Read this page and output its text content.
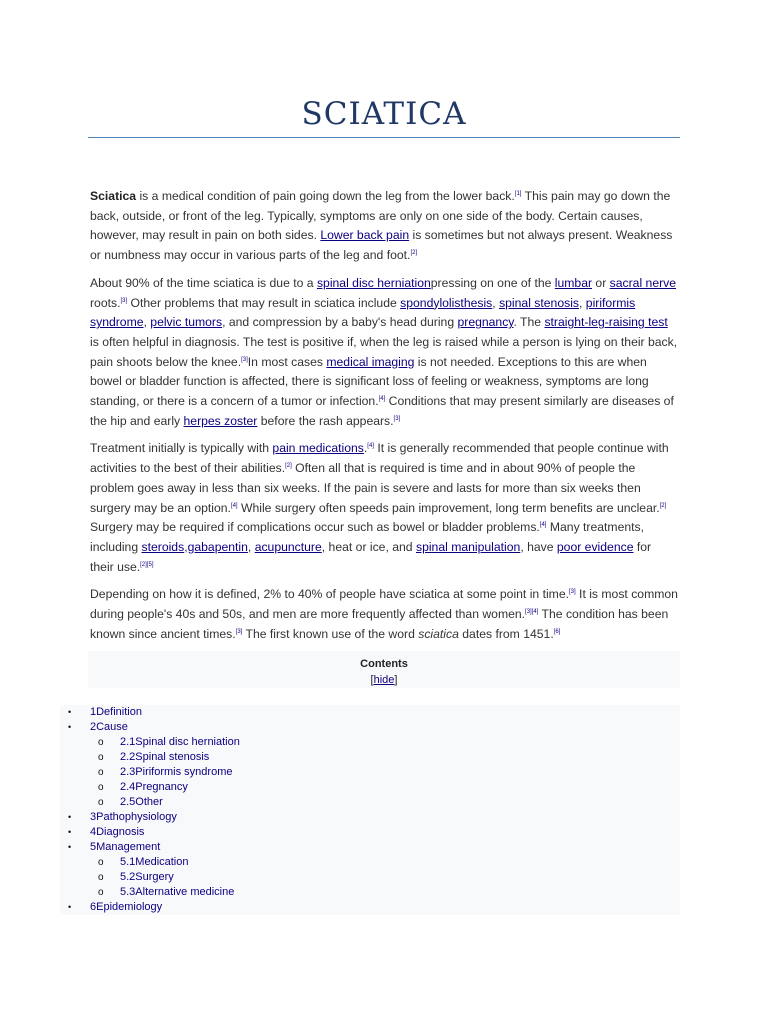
SCIATICA

Sciatica is a medical condition of pain going down the leg from the lower back.[1] This pain may go down the back, outside, or front of the leg. Typically, symptoms are only on one side of the body. Certain causes, however, may result in pain on both sides. Lower back pain is sometimes but not always present. Weakness or numbness may occur in various parts of the leg and foot.[2]

About 90% of the time sciatica is due to a spinal disc herniationpressing on one of the lumbar or sacral nerve roots.[3] Other problems that may result in sciatica include spondylolisthesis, spinal stenosis, piriformis syndrome, pelvic tumors, and compression by a baby's head during pregnancy. The straight-leg-raising test is often helpful in diagnosis. The test is positive if, when the leg is raised while a person is lying on their back, pain shoots below the knee.[3]In most cases medical imaging is not needed. Exceptions to this are when bowel or bladder function is affected, there is significant loss of feeling or weakness, symptoms are long standing, or there is a concern of a tumor or infection.[4] Conditions that may present similarly are diseases of the hip and early herpes zoster before the rash appears.[3]

Treatment initially is typically with pain medications.[4] It is generally recommended that people continue with activities to the best of their abilities.[2] Often all that is required is time and in about 90% of people the problem goes away in less than six weeks. If the pain is severe and lasts for more than six weeks then surgery may be an option.[4] While surgery often speeds pain improvement, long term benefits are unclear.[2] Surgery may be required if complications occur such as bowel or bladder problems.[4] Many treatments, including steroids,gabapentin, acupuncture, heat or ice, and spinal manipulation, have poor evidence for their use.[2][5]

Depending on how it is defined, 2% to 40% of people have sciatica at some point in time.[3] It is most common during people's 40s and 50s, and men are more frequently affected than women.[3][4] The condition has been known since ancient times.[3] The first known use of the word sciatica dates from 1451.[6]

Contents
[hide]
• 1Definition
• 2Cause
o 2.1Spinal disc herniation
o 2.2Spinal stenosis
o 2.3Piriformis syndrome
o 2.4Pregnancy
o 2.5Other
• 3Pathophysiology
• 4Diagnosis
• 5Management
o 5.1Medication
o 5.2Surgery
o 5.3Alternative medicine
• 6Epidemiology
